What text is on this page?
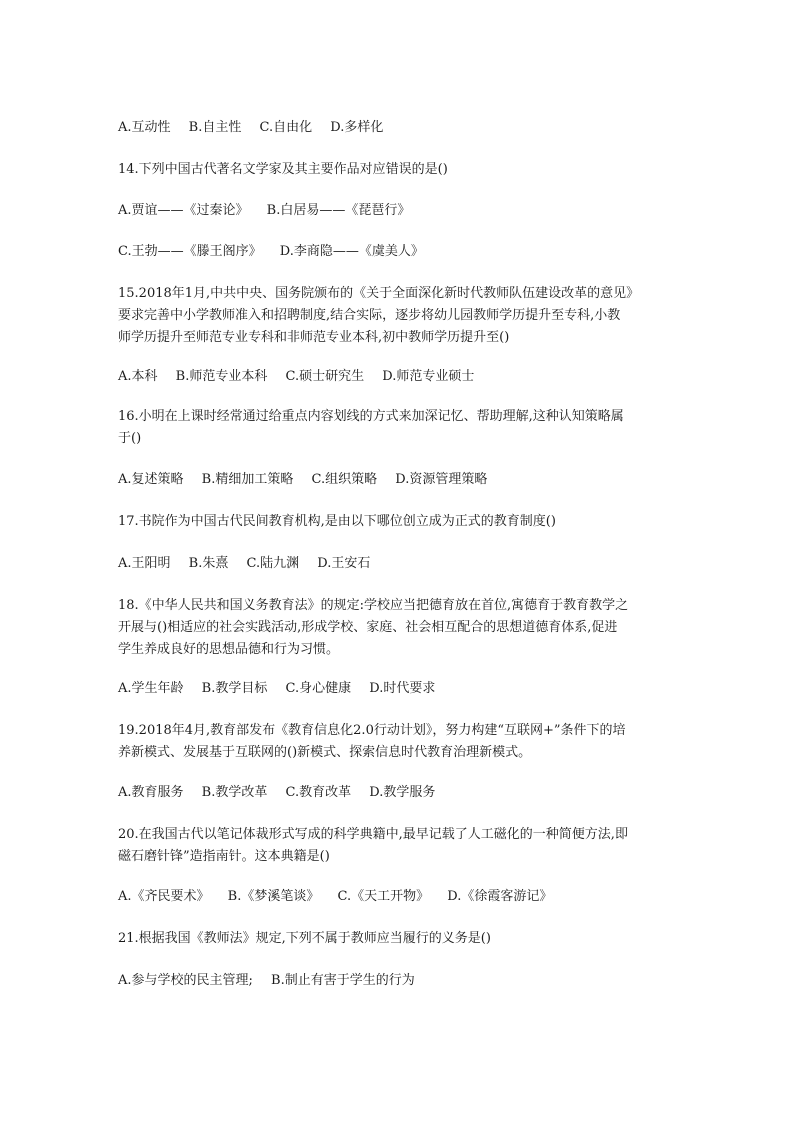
A.互动性 B.自主性 C.自由化 D.多样化
14.下列中国古代著名文学家及其主要作品对应错误的是()
A.贾谊——《过秦论》 B.白居易——《琵琶行》
C.王勃——《滕王阁序》 D.李商隐——《虞美人》
15.2018年1月,中共中央、国务院颁布的《关于全面深化新时代教师队伍建设改革的意见》
要求完善中小学教师准入和招聘制度,结合实际，逐步将幼儿园教师学历提升至专科,小教
师学历提升至师范专业专科和非师范专业本科,初中教师学历提升至()
A.本科 B.师范专业本科 C.硕士研究生 D.师范专业硕士
16.小明在上课时经常通过给重点内容划线的方式来加深记忆、帮助理解,这种认知策略属
于()
A.复述策略 B.精细加工策略 C.组织策略 D.资源管理策略
17.书院作为中国古代民间教育机构,是由以下哪位创立成为正式的教育制度()
A.王阳明 B.朱熹 C.陆九渊 D.王安石
18.《中华人民共和国义务教育法》的规定:学校应当把德育放在首位,寓德育于教育教学之
开展与()相适应的社会实践活动,形成学校、家庭、社会相互配合的思想道德育体系,促进
学生养成良好的思想品德和行为习惯。
A.学生年龄 B.教学目标 C.身心健康 D.时代要求
19.2018年4月,教育部发布《教育信息化2.0行动计划》，努力构建“互联网+”条件下的培
养新模式、发展基于互联网的()新模式、探索信息时代教育治理新模式。
A.教育服务 B.教学改革 C.教育改革 D.教学服务
20.在我国古代以笔记体裁形式写成的科学典籍中,最早记载了人工磁化的一种简便方法,即
磁石磨针锋”造指南针。这本典籍是()
A.《齐民要术》 B.《梦溪笔谈》 C.《天工开物》 D.《徐霞客游记》
21.根据我国《教师法》规定,下列不属于教师应当履行的义务是()
A.参与学校的民主管理; B.制止有害于学生的行为
